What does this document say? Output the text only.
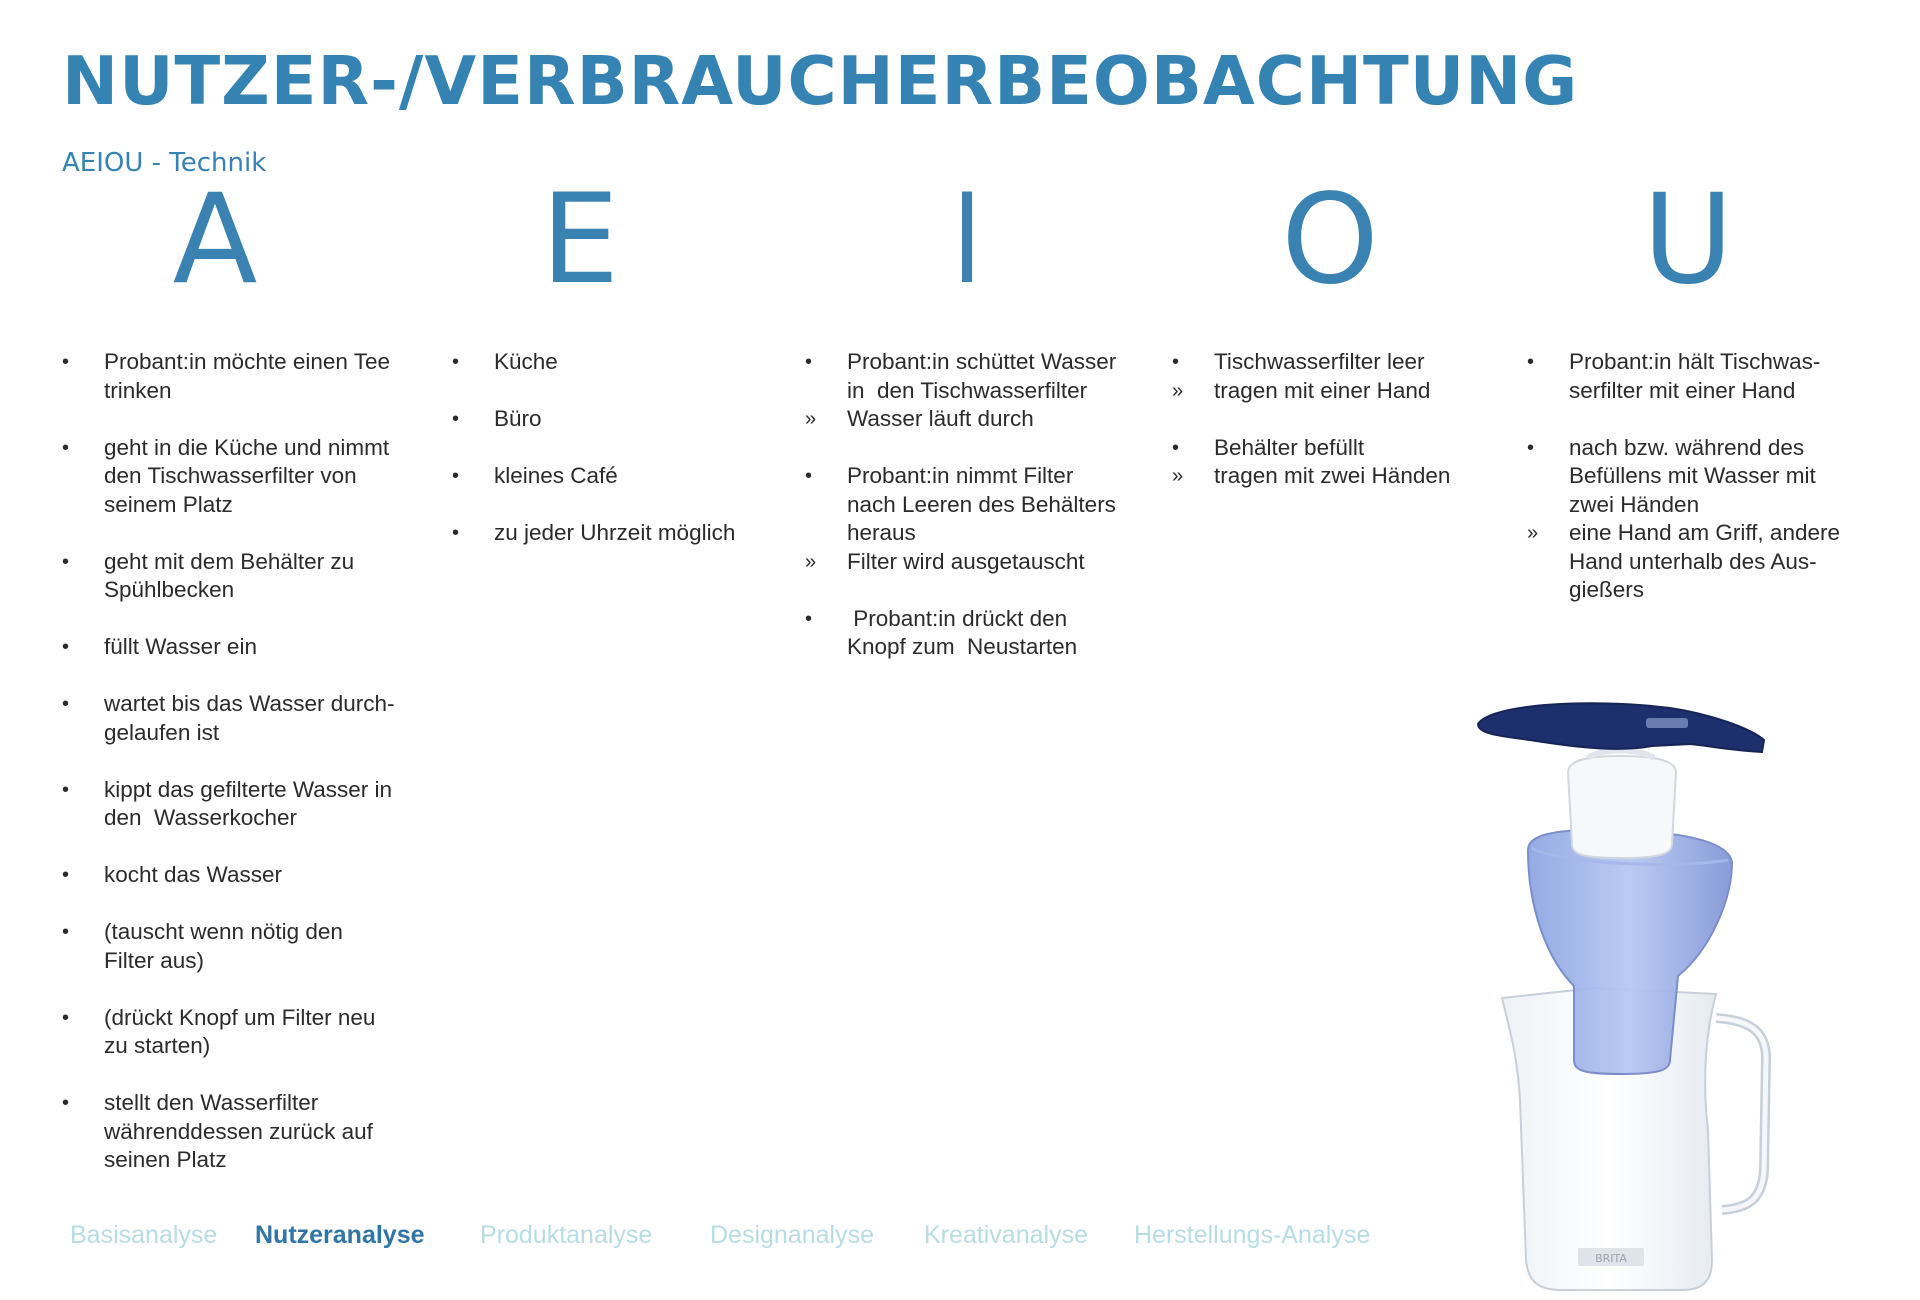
NUTZER-/VERBRAUCHERBEOBACHTUNG
AEIOU - Technik
A	E	I	O U
•	Probant:in möchte einen Tee
trinken
•	geht in die Küche und nimmt
den Tischwasserfilter von
seinem Platz
•	geht mit dem Behälter zu
Spühlbecken
•	füllt Wasser ein
•	wartet bis das Wasser durch-
gelaufen ist
•	kippt das gefilterte Wasser in
den  Wasserkocher
•	kocht das Wasser
•	(tauscht wenn nötig den
Filter aus)
•	(drückt Knopf um Filter neu
zu starten)
•	stellt den Wasserfilter
währenddessen zurück auf
seinen Platz
•	Küche
•	Büro
•	kleines Café
•	zu jeder Uhrzeit möglich
•	Probant:in schüttet Wasser
in  den Tischwasserfilter
»	Wasser läuft durch
•	Probant:in nimmt Filter
nach Leeren des Behälters
heraus
»	Filter wird ausgetauscht
•	Probant:in drückt den
Knopf zum  Neustarten
•	Tischwasserfilter leer
»	tragen mit einer Hand
•	Behälter befüllt
»	tragen mit zwei Händen
•	Probant:in hält Tischwas-
serfilter mit einer Hand
•	nach bzw. während des
Befüllens mit Wasser mit
zwei Händen
»	eine Hand am Griff, andere
Hand unterhalb des Aus-
gießers
Basisanalyse Nutzeranalyse Produktanalyse Designanalyse Kreativanalyse Herstellungs-Analyse
BRITA
